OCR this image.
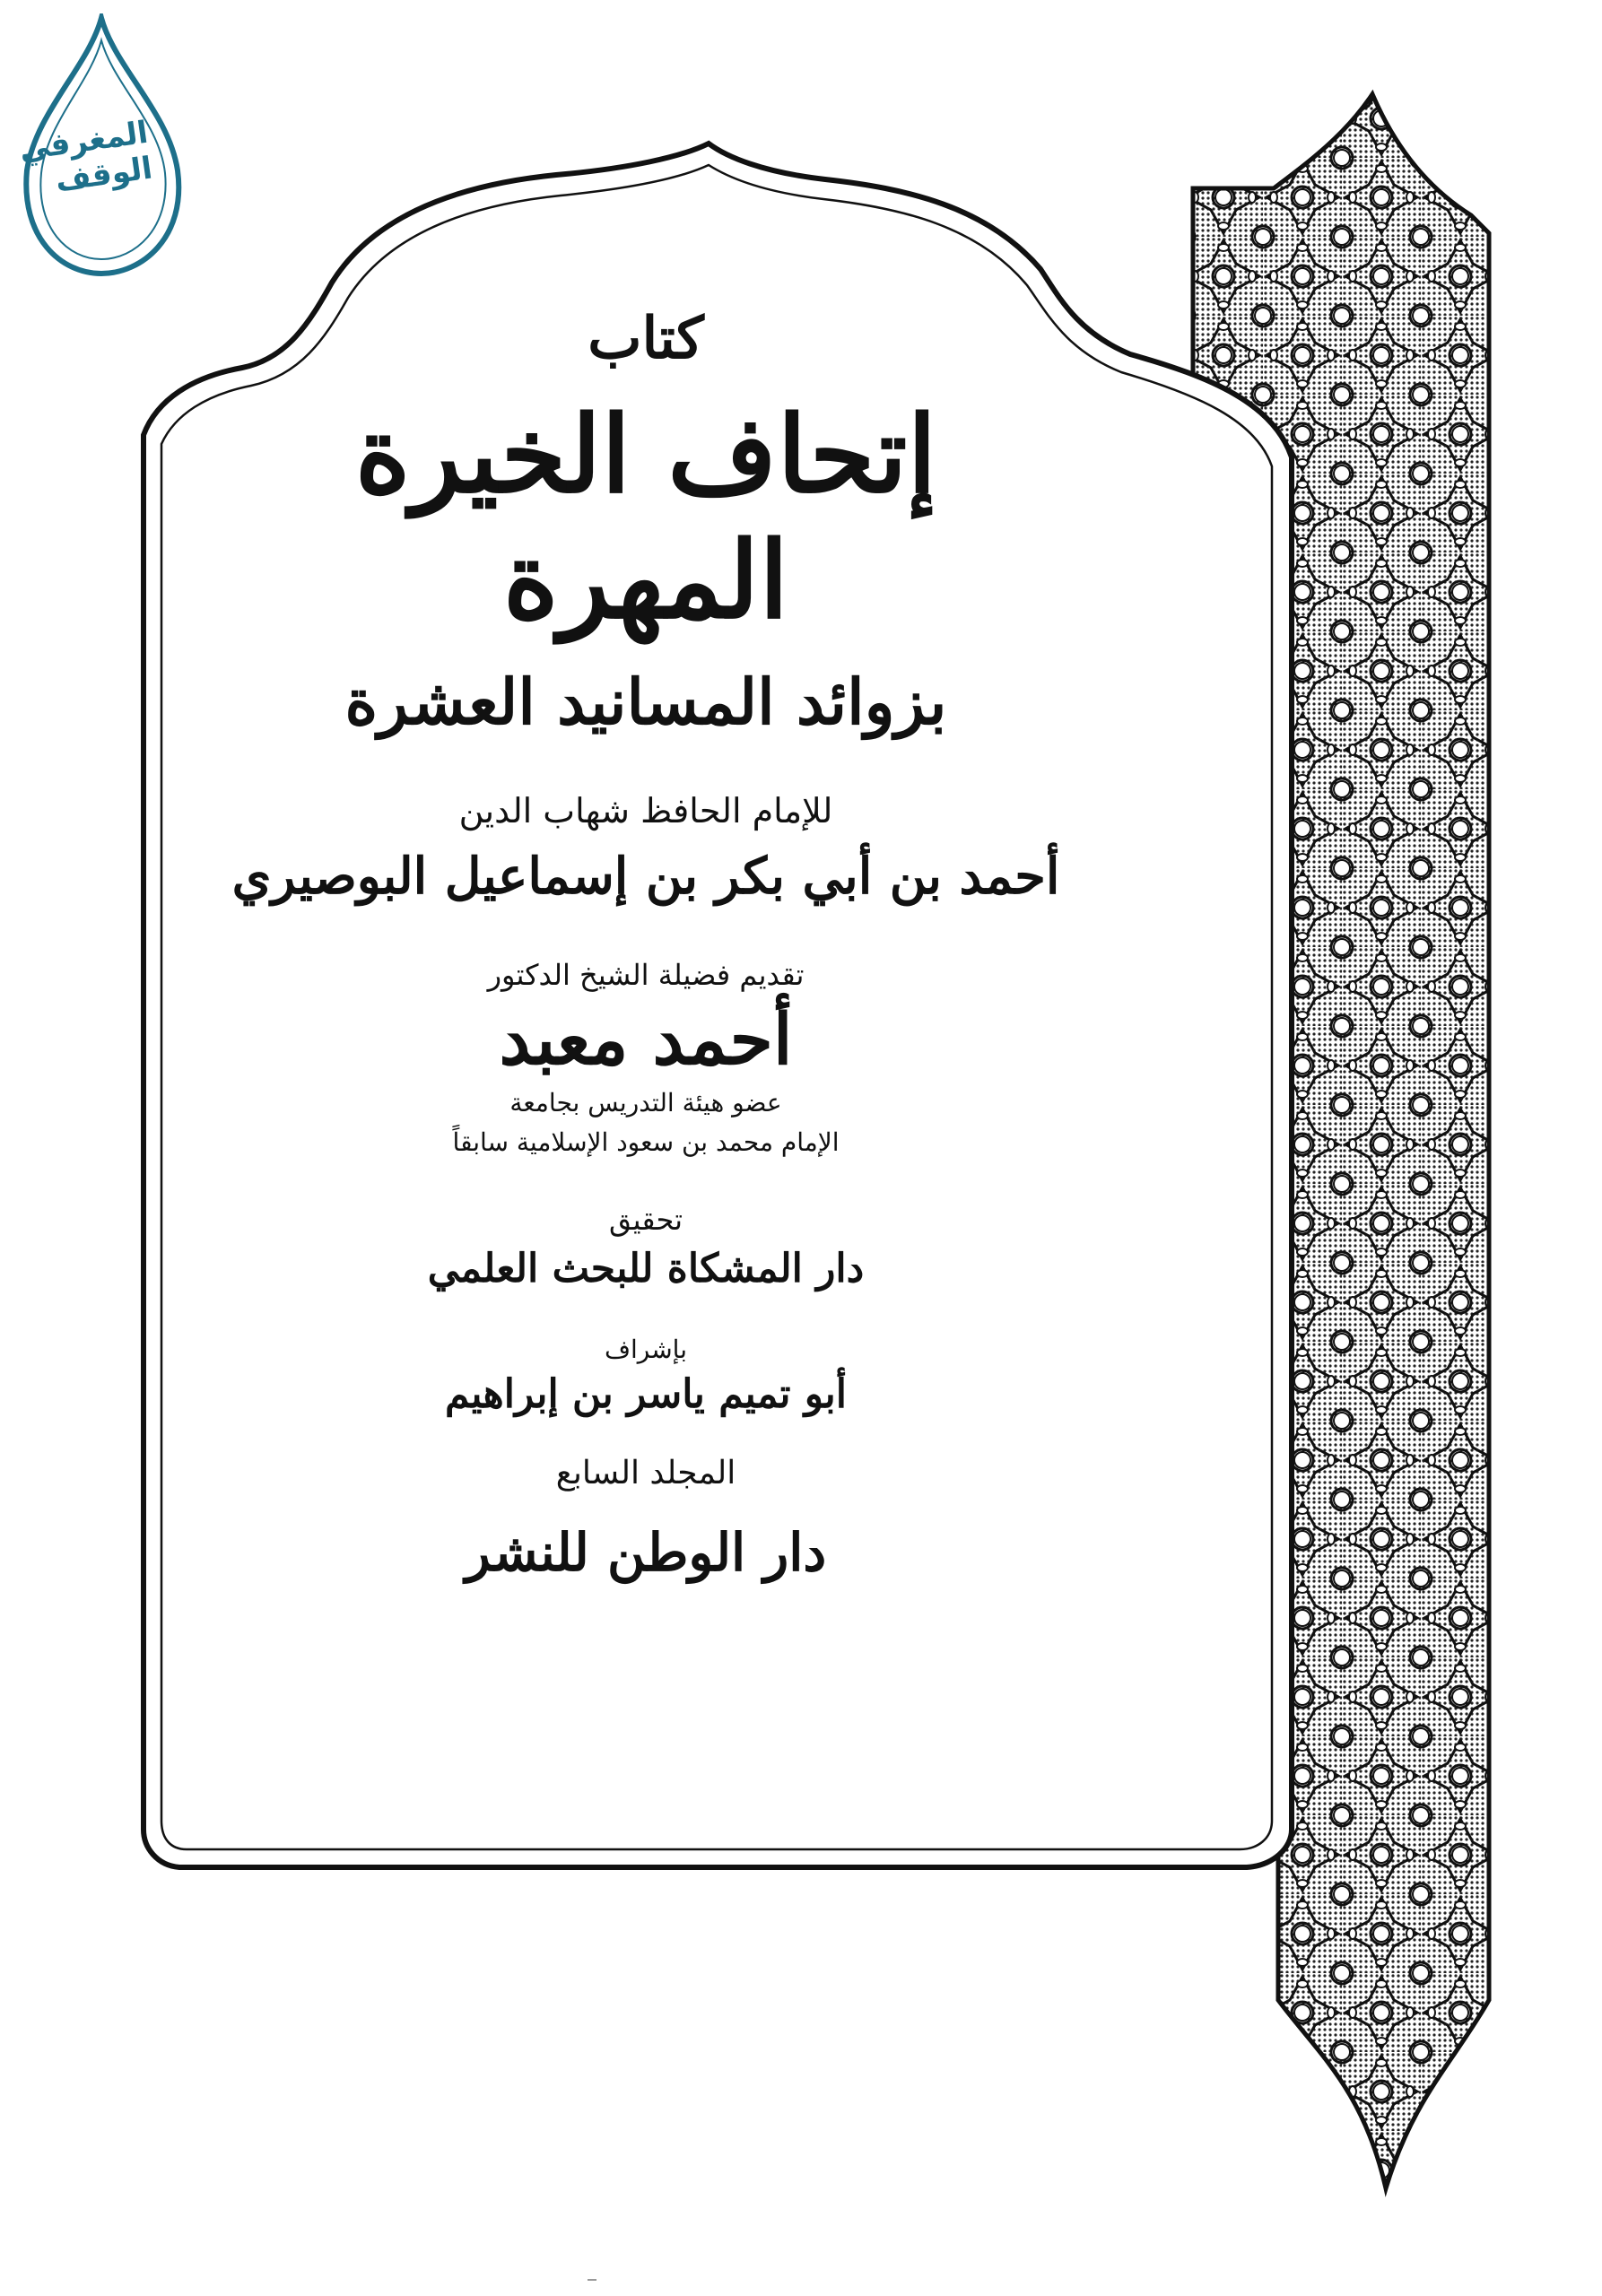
المغرفي الوقف
كتاب
إتحاف الخيرة المهرة
بزوائد المسانيد العشرة
للإمام الحافظ شهاب الدين
أحمد بن أبي بكر بن إسماعيل البوصيري
تقديم فضيلة الشيخ الدكتور
أحمد معبد
عضو هيئة التدريس بجامعة
الإمام محمد بن سعود الإسلامية سابقاً
تحقيق
دار المشكاة للبحث العلمي
بإشراف
أبو تميم ياسر بن إبراهيم
المجلد السابع
دار الوطن للنشر
